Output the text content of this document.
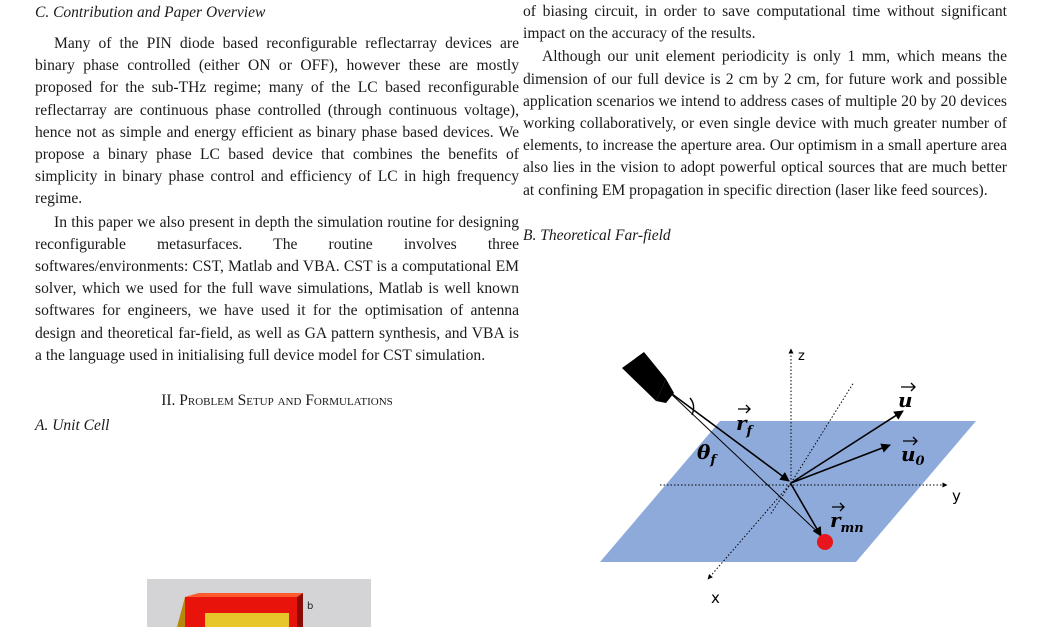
C. Contribution and Paper Overview

Many of the PIN diode based reconfigurable reflectarray devices are binary phase controlled (either ON or OFF), however these are mostly proposed for the sub-THz regime; many of the LC based reconfigurable reflectarray are continuous phase controlled (through continuous voltage), hence not as simple and energy efficient as binary phase based devices. We propose a binary phase LC based device that combines the benefits of simplicity in binary phase control and efficiency of LC in high frequency regime.

In this paper we also present in depth the simulation routine for designing reconfigurable metasurfaces. The routine involves three softwares/environments: CST, Matlab and VBA. CST is a computational EM solver, which we used for the full wave simulations, Matlab is well known softwares for engineers, we have used it for the optimisation of antenna design and theoretical far-field, as well as GA pattern synthesis, and VBA is a the language used in initialising full device model for CST simulation.

II. Problem Setup and Formulations
A. Unit Cell
b

of biasing circuit, in order to save computational time without significant impact on the accuracy of the results.

Although our unit element periodicity is only 1 mm, which means the dimension of our full device is 2 cm by 2 cm, for future work and possible application scenarios we intend to address cases of multiple 20 by 20 devices working collaboratively, or even single device with much greater number of elements, to increase the aperture area. Our optimism in a small aperture area also lies in the vision to adopt powerful optical sources that are much better at confining EM propagation in specific direction (laser like feed sources).

B. Theoretical Far-field
z
y
x
u
$u_0$
$r_f$
$\theta_f$
$r_{mn}$
